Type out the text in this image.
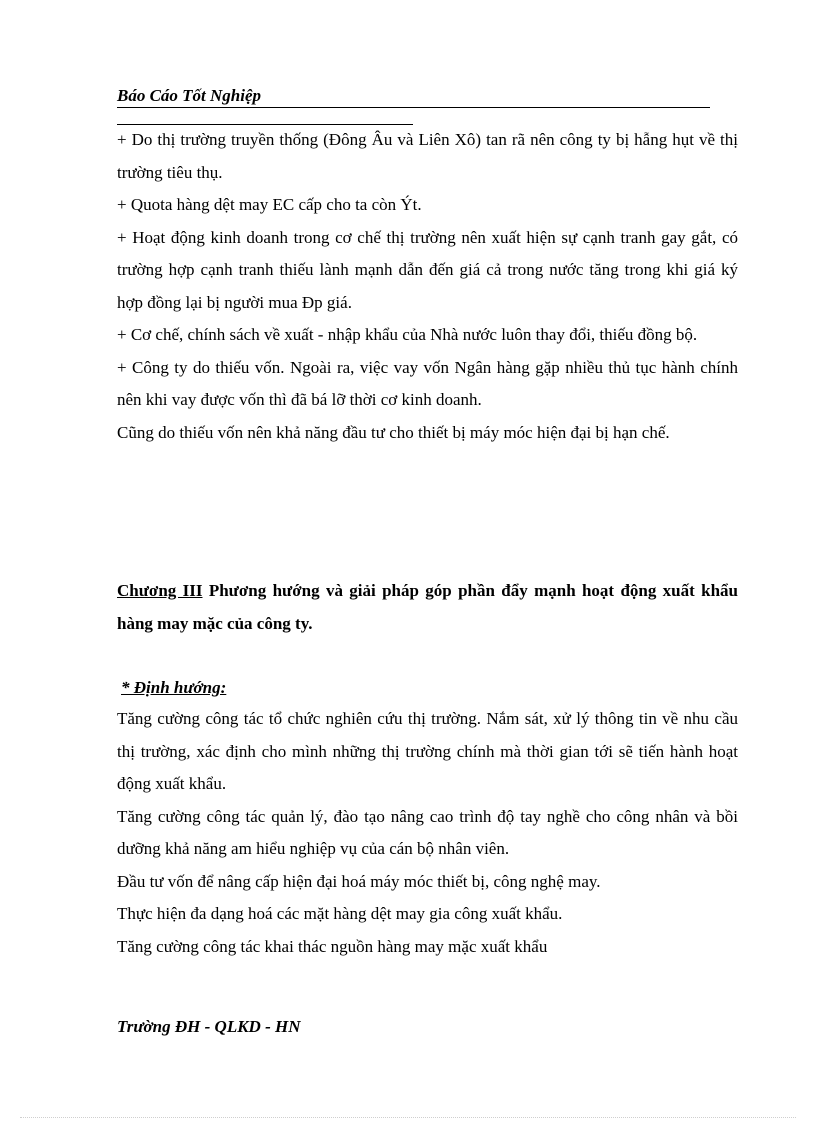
Báo Cáo Tốt Nghiệp

+ Do thị trường truyền thống (Đông Âu và Liên Xô) tan rã nên công ty bị hẫng hụt về thị trường tiêu thụ.

+ Quota hàng dệt may EC cấp cho ta còn Ýt.

+ Hoạt động kinh doanh trong cơ chế thị trường nên xuất hiện sự cạnh tranh gay gắt, có trường hợp cạnh tranh thiếu lành mạnh dẫn đến giá cả trong nước tăng trong khi giá ký hợp đồng lại bị người mua Ðp giá.

+ Cơ chế, chính sách về xuất - nhập khẩu của Nhà nước luôn thay đổi, thiếu đồng bộ.

+ Công ty do thiếu vốn. Ngoài ra, việc vay vốn Ngân hàng gặp nhiều thủ tục hành chính nên khi vay được vốn thì đã bá lỡ thời cơ kinh doanh.

Cũng do thiếu vốn nên khả năng đầu tư cho thiết bị máy móc hiện đại bị hạn chế.

Chương III Phương hướng và giải pháp góp phần đẩy mạnh hoạt động xuất khẩu hàng may mặc của công ty.
* Định hướng:

Tăng cường công tác tổ chức nghiên cứu thị trường. Nắm sát, xử lý thông tin về nhu cầu thị trường, xác định cho mình những thị trường chính mà thời gian tới sẽ tiến hành hoạt động xuất khẩu.

Tăng cường công tác quản lý, đào tạo nâng cao trình độ tay nghề cho công nhân và bồi dưỡng khả năng am hiểu nghiệp vụ của cán bộ nhân viên.

Đầu tư vốn để nâng cấp hiện đại hoá máy móc thiết bị, công nghệ may.

Thực hiện đa dạng hoá các mặt hàng dệt may gia công xuất khẩu.

Tăng cường công tác khai thác nguồn hàng may mặc xuất khẩu

Trường ĐH - QLKD - HN
